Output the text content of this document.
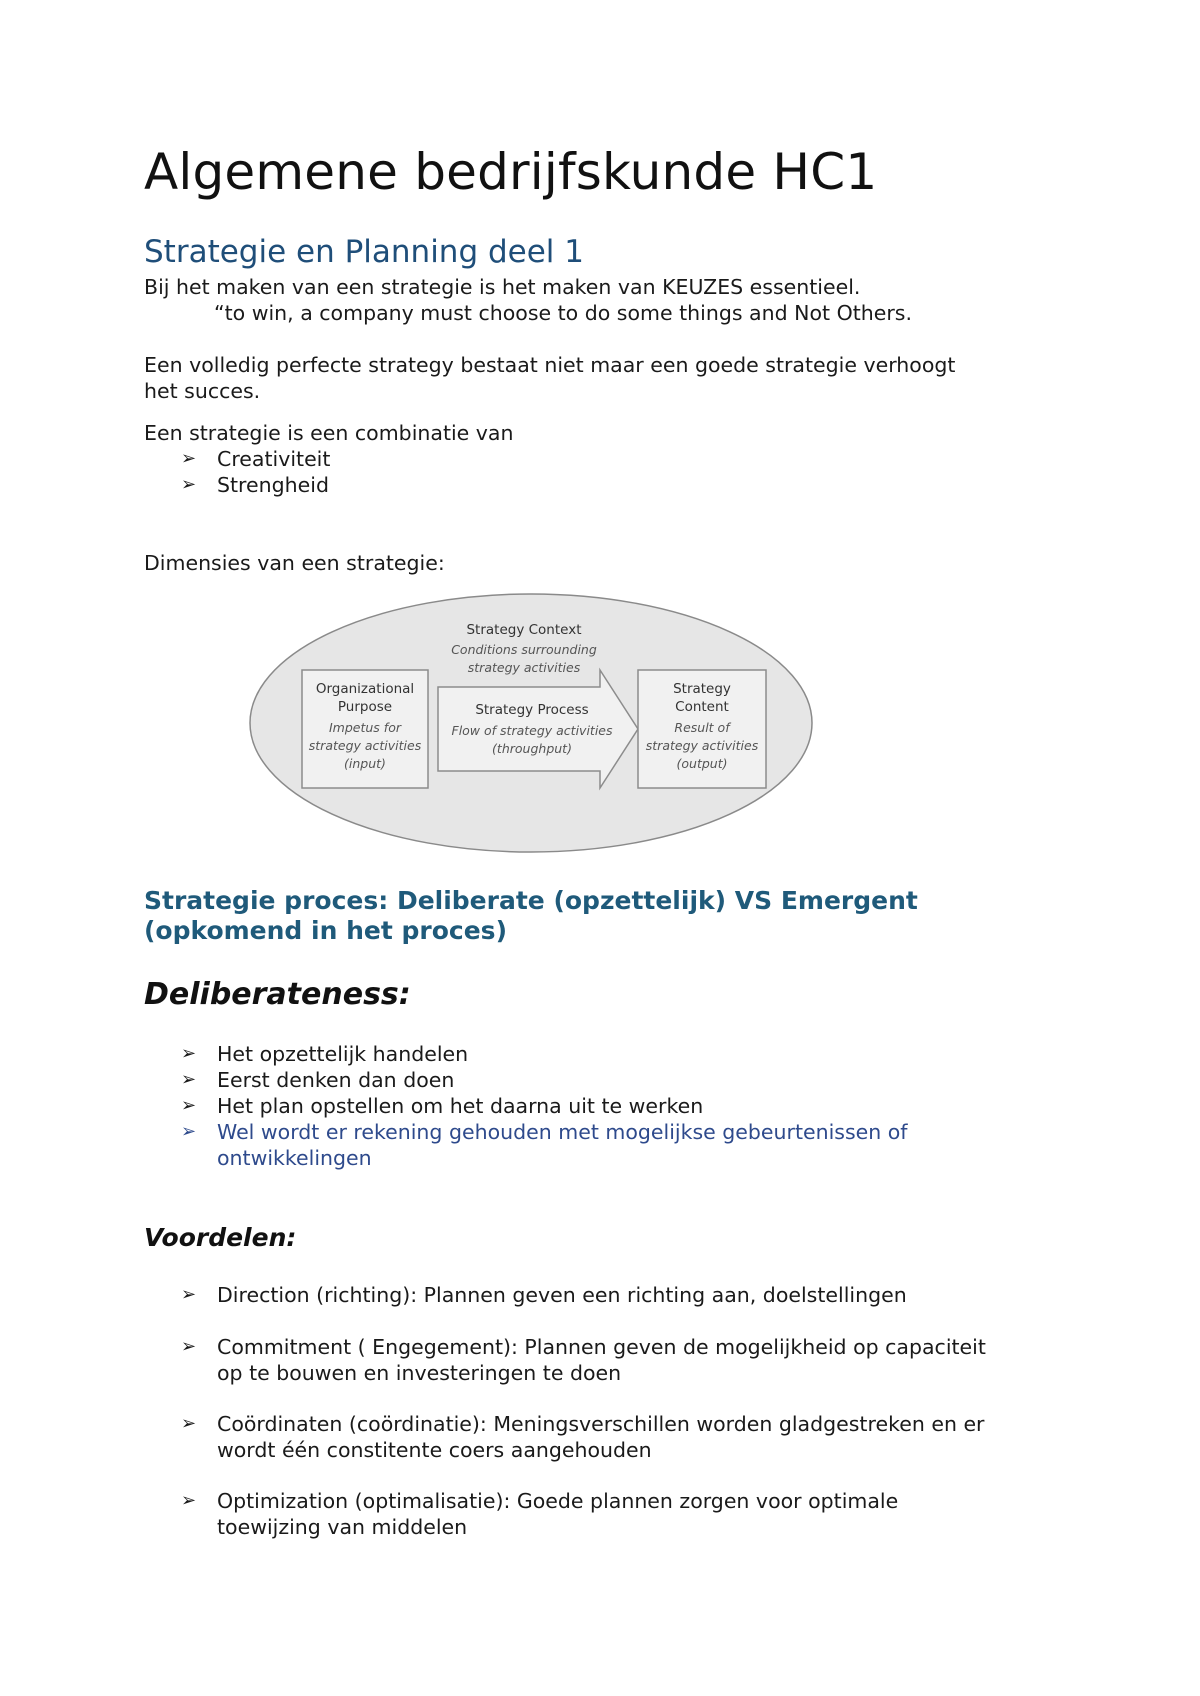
Algemene bedrijfskunde HC1
Strategie en Planning deel 1
Bij het maken van een strategie is het maken van KEUZES essentieel.
“to win, a company must choose to do some things and Not Others.
Een volledig perfecte strategy bestaat niet maar een goede strategie verhoogt
het succes.
Een strategie is een combinatie van
➢ Creativiteit
➢ Strengheid
Dimensies van een strategie:
Strategy Context
Conditions surrounding
strategy activities
Organizational
Purpose
Impetus for
strategy activities
(input)
Strategy Process
Flow of strategy activities
(throughput)
Strategy
Content
Result of
strategy activities
(output)
Strategie proces: Deliberate (opzettelijk) VS Emergent (opkomend in het proces)
Deliberateness:
➢ Het opzettelijk handelen
➢ Eerst denken dan doen
➢ Het plan opstellen om het daarna uit te werken
➢ Wel wordt er rekening gehouden met mogelijkse gebeurtenissen of
ontwikkelingen
Voordelen:
➢ Direction (richting): Plannen geven een richting aan, doelstellingen
➢ Commitment ( Engegement): Plannen geven de mogelijkheid op capaciteit
op te bouwen en investeringen te doen
➢ Coördinaten (coördinatie): Meningsverschillen worden gladgestreken en er
wordt één constitente coers aangehouden
➢ Optimization (optimalisatie): Goede plannen zorgen voor optimale
toewijzing van middelen
